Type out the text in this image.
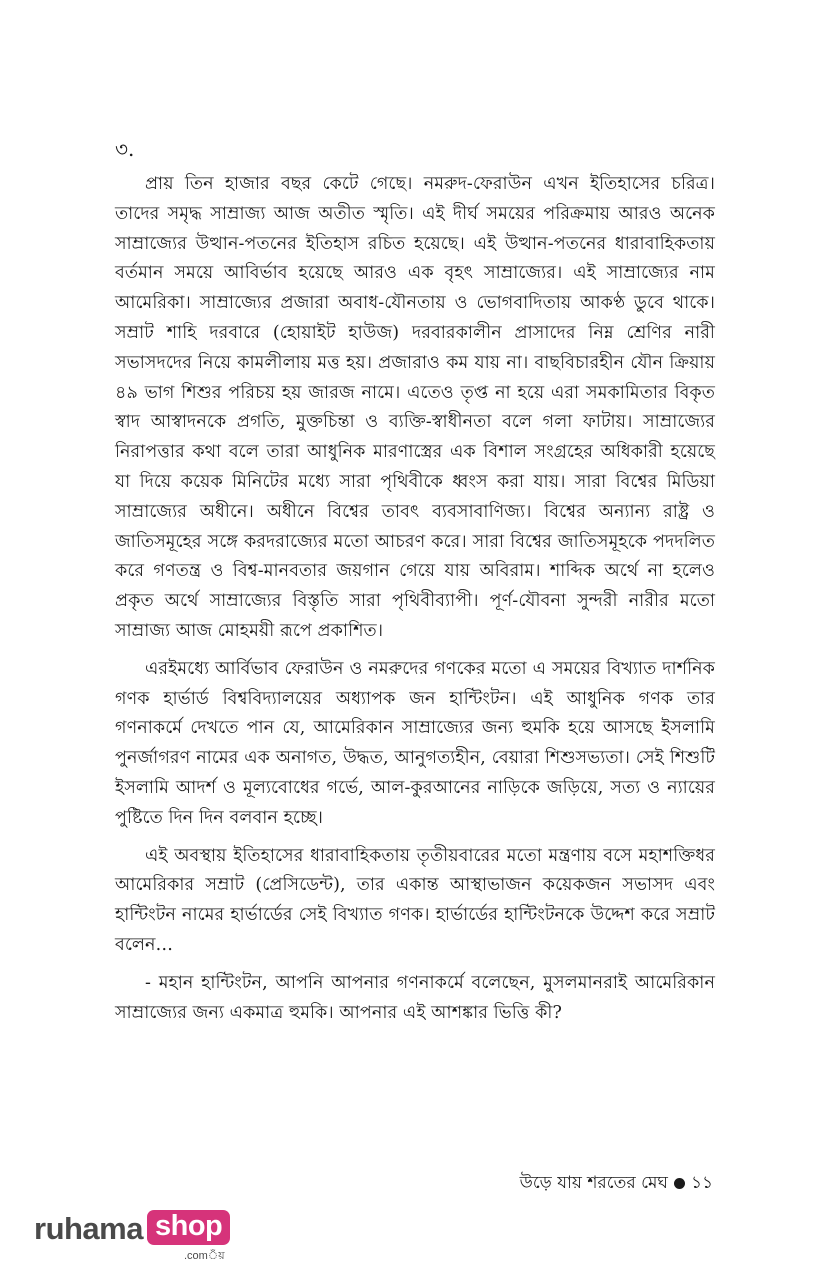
৩.

প্রায় তিন হাজার বছর কেটে গেছে। নমরুদ-ফেরাউন এখন ইতিহাসের চরিত্র। তাদের সমৃদ্ধ সাম্রাজ্য আজ অতীত স্মৃতি। এই দীর্ঘ সময়ের পরিক্রমায় আরও অনেক সাম্রাজ্যের উত্থান-পতনের ইতিহাস রচিত হয়েছে। এই উত্থান-পতনের ধারাবাহিকতায় বর্তমান সময়ে আবির্ভাব হয়েছে আরও এক বৃহৎ সাম্রাজ্যের। এই সাম্রাজ্যের নাম আমেরিকা। সাম্রাজ্যের প্রজারা অবাধ-যৌনতায় ও ভোগবাদিতায় আকণ্ঠ ডুবে থাকে। সম্রাট শাহি দরবারে (হোয়াইট হাউজ) দরবারকালীন প্রাসাদের নিম্ন শ্রেণির নারী সভাসদদের নিয়ে কামলীলায় মত্ত হয়। প্রজারাও কম যায় না। বাছবিচারহীন যৌন ক্রিয়ায় ৪৯ ভাগ শিশুর পরিচয় হয় জারজ নামে। এতেও তৃপ্ত না হয়ে এরা সমকামিতার বিকৃত স্বাদ আস্বাদনকে প্রগতি, মুক্তচিন্তা ও ব্যক্তি-স্বাধীনতা বলে গলা ফাটায়। সাম্রাজ্যের নিরাপত্তার কথা বলে তারা আধুনিক মারণাস্ত্রের এক বিশাল সংগ্রহের অধিকারী হয়েছে যা দিয়ে কয়েক মিনিটের মধ্যে সারা পৃথিবীকে ধ্বংস করা যায়। সারা বিশ্বের মিডিয়া সাম্রাজ্যের অধীনে। অধীনে বিশ্বের তাবৎ ব্যবসাবাণিজ্য। বিশ্বের অন্যান্য রাষ্ট্র ও জাতিসমূহের সঙ্গে করদরাজ্যের মতো আচরণ করে। সারা বিশ্বের জাতিসমূহকে পদদলিত করে গণতন্ত্র ও বিশ্ব-মানবতার জয়গান গেয়ে যায় অবিরাম। শাব্দিক অর্থে না হলেও প্রকৃত অর্থে সাম্রাজ্যের বিস্তৃতি সারা পৃথিবীব্যাপী। পূর্ণ-যৌবনা সুন্দরী নারীর মতো সাম্রাজ্য আজ মোহময়ী রূপে প্রকাশিত।

এরইমধ্যে আর্বিভাব ফেরাউন ও নমরুদের গণকের মতো এ সময়ের বিখ্যাত দার্শনিক গণক হার্ভার্ড বিশ্ববিদ্যালয়ের অধ্যাপক জন হান্টিংটন। এই আধুনিক গণক তার গণনাকর্মে দেখতে পান যে, আমেরিকান সাম্রাজ্যের জন্য হুমকি হয়ে আসছে ইসলামি পুনর্জাগরণ নামের এক অনাগত, উদ্ধত, আনুগত্যহীন, বেয়ারা শিশুসভ্যতা। সেই শিশুটি ইসলামি আদর্শ ও মূল্যবোধের গর্ভে, আল-কুরআনের নাড়িকে জড়িয়ে, সত্য ও ন্যায়ের পুষ্টিতে দিন দিন বলবান হচ্ছে।

এই অবস্থায় ইতিহাসের ধারাবাহিকতায় তৃতীয়বারের মতো মন্ত্রণায় বসে মহাশক্তিধর আমেরিকার সম্রাট (প্রেসিডেন্ট), তার একান্ত আস্থাভাজন কয়েকজন সভাসদ এবং হান্টিংটন নামের হার্ভার্ডের সেই বিখ্যাত গণক। হার্ভার্ডের হান্টিংটনকে উদ্দেশ করে সম্রাট বলেন…

- মহান হান্টিংটন, আপনি আপনার গণনাকর্মে বলেছেন, মুসলমানরাই আমেরিকান সাম্রাজ্যের জন্য একমাত্র হুমকি। আপনার এই আশঙ্কার ভিত্তি কী?

উড়ে যায় শরতের মেঘ ১১
ruhama shop
.comঁয়
